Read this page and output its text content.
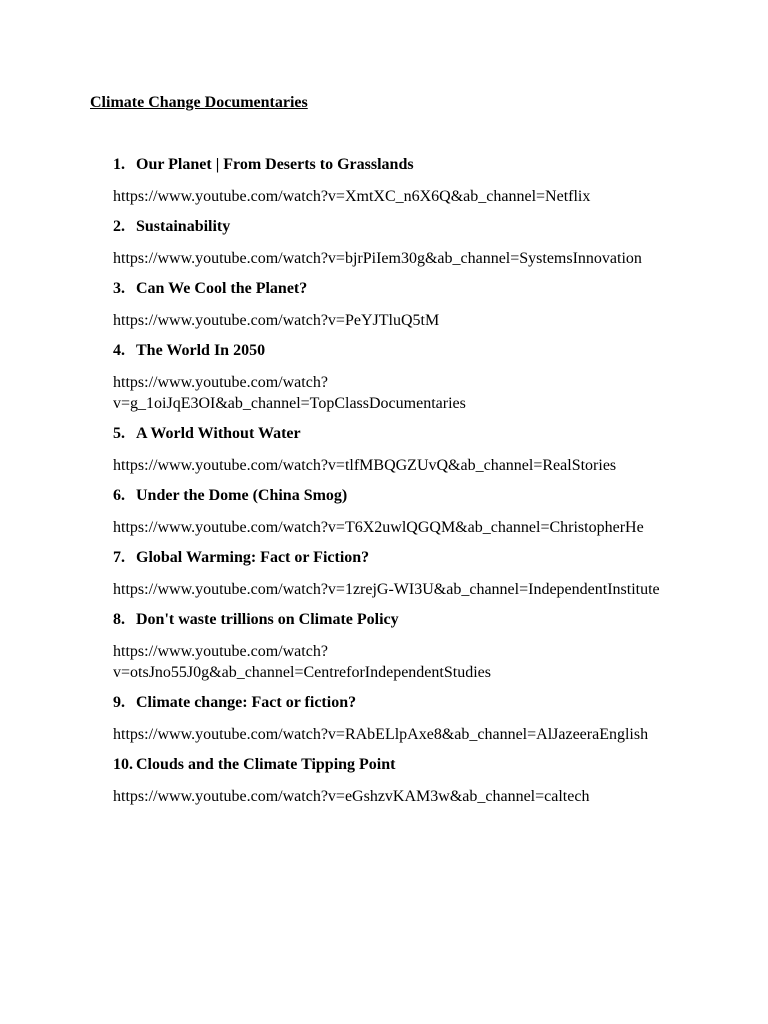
Climate Change Documentaries
1. Our Planet | From Deserts to Grasslands
https://www.youtube.com/watch?v=XmtXC_n6X6Q&ab_channel=Netflix
2. Sustainability
https://www.youtube.com/watch?v=bjrPiIem30g&ab_channel=SystemsInnovation
3. Can We Cool the Planet?
https://www.youtube.com/watch?v=PeYJTluQ5tM
4. The World In 2050
https://www.youtube.com/watch?
v=g_1oiJqE3OI&ab_channel=TopClassDocumentaries
5. A World Without Water
https://www.youtube.com/watch?v=tlfMBQGZUvQ&ab_channel=RealStories
6. Under the Dome (China Smog)
https://www.youtube.com/watch?v=T6X2uwlQGQM&ab_channel=ChristopherHe
7. Global Warming: Fact or Fiction?
https://www.youtube.com/watch?v=1zrejG-WI3U&ab_channel=IndependentInstitute
8. Don't waste trillions on Climate Policy
https://www.youtube.com/watch?
v=otsJno55J0g&ab_channel=CentreforIndependentStudies
9. Climate change: Fact or fiction?
https://www.youtube.com/watch?v=RAbELlpAxe8&ab_channel=AlJazeeraEnglish
10. Clouds and the Climate Tipping Point
https://www.youtube.com/watch?v=eGshzvKAM3w&ab_channel=caltech
